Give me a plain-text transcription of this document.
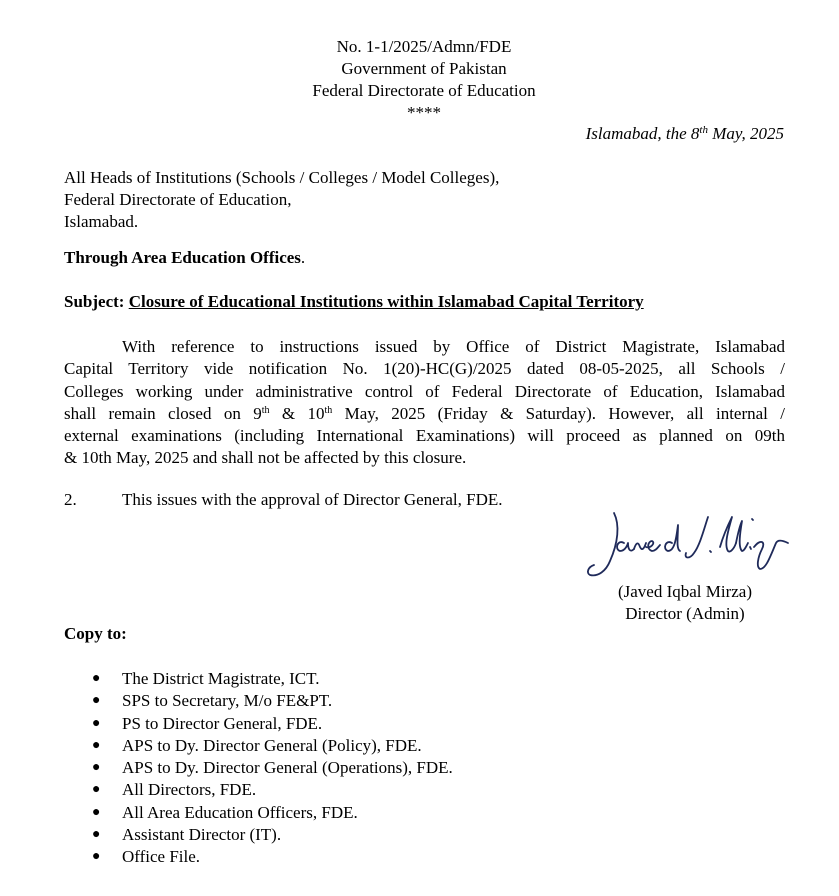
No. 1-1/2025/Admn/FDE
Government of Pakistan
Federal Directorate of Education
****
Islamabad, the 8th May, 2025
All Heads of Institutions (Schools / Colleges / Model Colleges),
Federal Directorate of Education,
Islamabad.
Through Area Education Offices.
Subject: Closure of Educational Institutions within Islamabad Capital Territory
With reference to instructions issued by Office of District Magistrate, Islamabad
Capital Territory vide notification No. 1(20)-HC(G)/2025 dated 08-05-2025, all Schools /
Colleges working under administrative control of Federal Directorate of Education, Islamabad
shall remain closed on 9th & 10th May, 2025 (Friday & Saturday). However, all internal /
external examinations (including International Examinations) will proceed as planned on 09th
& 10th May, 2025 and shall not be affected by this closure.
2.	This issues with the approval of Director General, FDE.
Javed I. Mirza	(Javed Iqbal Mirza)
Director (Admin)
Copy to:
● The District Magistrate, ICT.
● SPS to Secretary, M/o FE&PT.
● PS to Director General, FDE.
● APS to Dy. Director General (Policy), FDE.
● APS to Dy. Director General (Operations), FDE.
● All Directors, FDE.
● All Area Education Officers, FDE.
● Assistant Director (IT).
● Office File.
